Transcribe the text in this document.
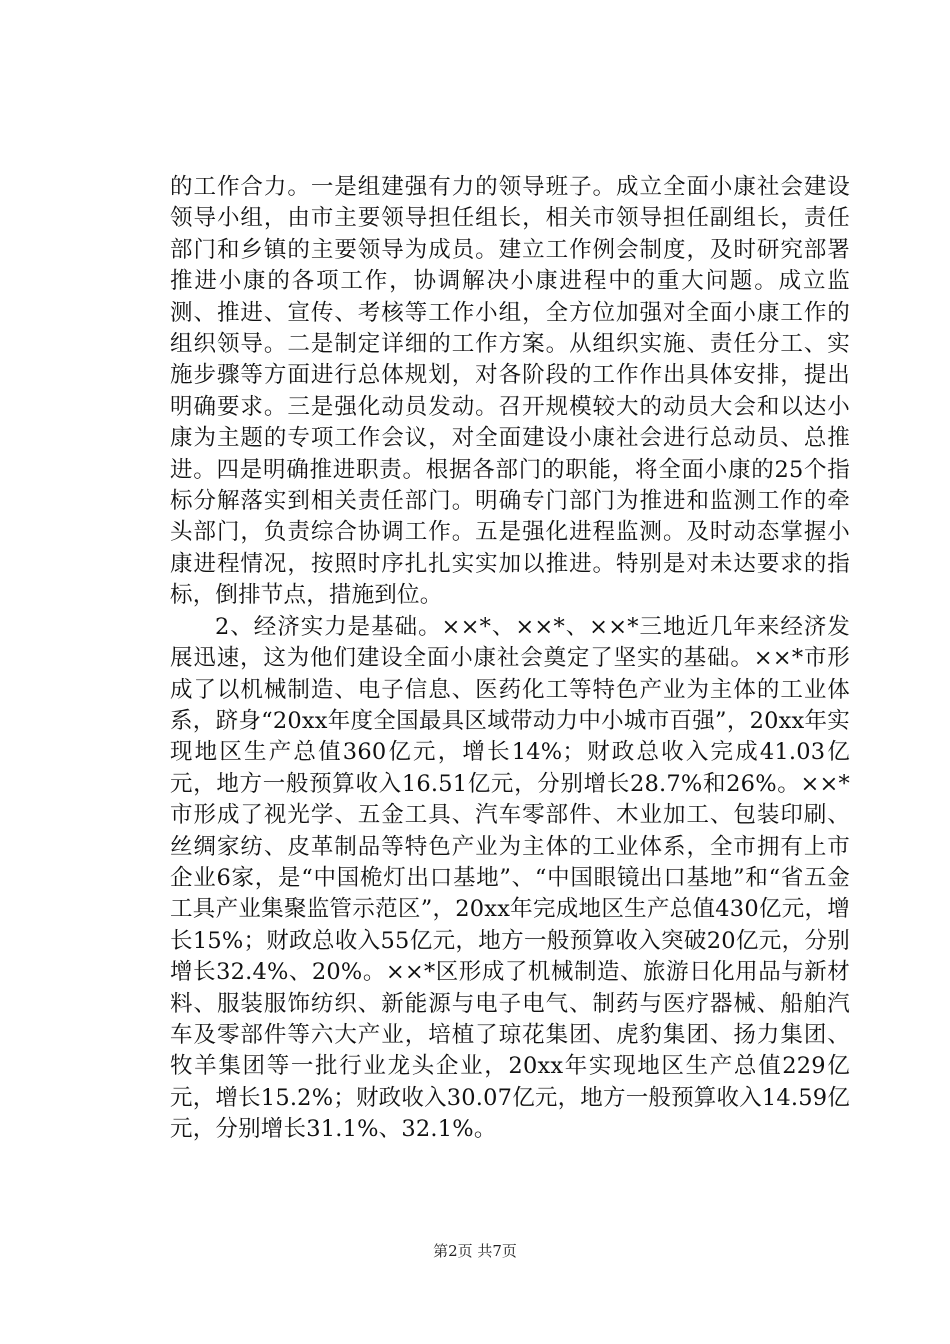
的工作合力。一是组建强有力的领导班子。成立全面小康社会建设领导小组，由市主要领导担任组长，相关市领导担任副组长，责任部门和乡镇的主要领导为成员。建立工作例会制度，及时研究部署推进小康的各项工作，协调解决小康进程中的重大问题。成立监测、推进、宣传、考核等工作小组，全方位加强对全面小康工作的组织领导。二是制定详细的工作方案。从组织实施、责任分工、实施步骤等方面进行总体规划，对各阶段的工作作出具体安排，提出明确要求。三是强化动员发动。召开规模较大的动员大会和以达小康为主题的专项工作会议，对全面建设小康社会进行总动员、总推进。四是明确推进职责。根据各部门的职能，将全面小康的25个指标分解落实到相关责任部门。明确专门部门为推进和监测工作的牵头部门，负责综合协调工作。五是强化进程监测。及时动态掌握小康进程情况，按照时序扎扎实实加以推进。特别是对未达要求的指标，倒排节点，措施到位。

2、经济实力是基础。××*、××*、××*三地近几年来经济发展迅速，这为他们建设全面小康社会奠定了坚实的基础。××*市形成了以机械制造、电子信息、医药化工等特色产业为主体的工业体系，跻身“20xx年度全国最具区域带动力中小城市百强”，20xx年实现地区生产总值360亿元，增长14%；财政总收入完成41.03亿元，地方一般预算收入16.51亿元，分别增长28.7%和26%。××*市形成了视光学、五金工具、汽车零部件、木业加工、包装印刷、丝绸家纺、皮革制品等特色产业为主体的工业体系，全市拥有上市企业6家，是“中国桅灯出口基地”、“中国眼镜出口基地”和“省五金工具产业集聚监管示范区”，20xx年完成地区生产总值430亿元，增长15%；财政总收入55亿元，地方一般预算收入突破20亿元，分别增长32.4%、20%。××*区形成了机械制造、旅游日化用品与新材料、服装服饰纺织、新能源与电子电气、制药与医疗器械、船舶汽车及零部件等六大产业，培植了琼花集团、虎豹集团、扬力集团、牧羊集团等一批行业龙头企业，20xx年实现地区生产总值229亿元，增长15.2%；财政收入30.07亿元，地方一般预算收入14.59亿元，分别增长31.1%、32.1%。

第2页 共7页
